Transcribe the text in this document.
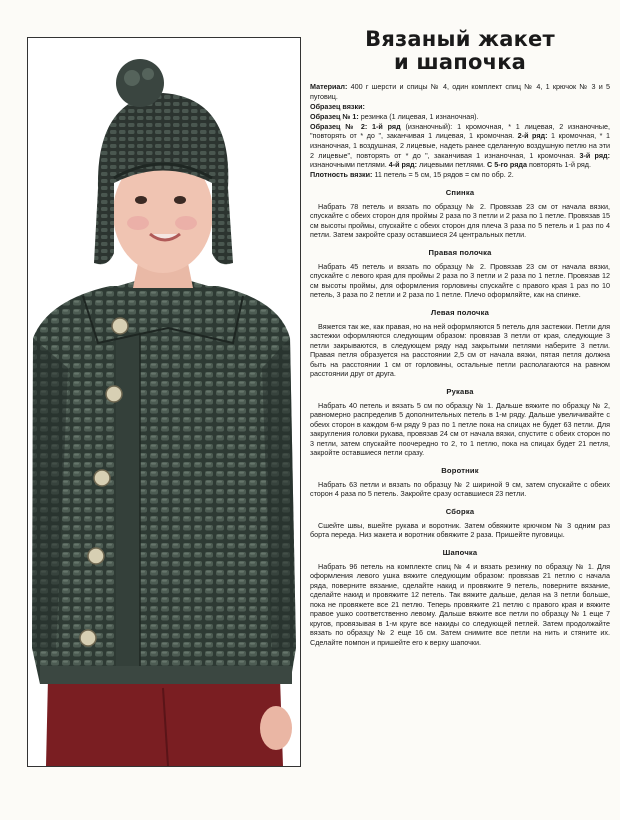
Вязаный жакет
и шапочка

Материал: 400 г шерсти и спицы № 4, один комплект спиц № 4, 1 крючок № 3 и 5 пуговиц.

Образец вязки:

Образец № 1: резинка (1 лицевая, 1 изнаночная).

Образец № 2: 1-й ряд (изнаночный): 1 кромочная, * 1 лицевая, 2 изнаночные, "повторять от * до ", заканчивая 1 лицевая, 1 кромочная. 2-й ряд: 1 кромочная, * 1 изнаночная, 1 воздушная, 2 лицевые, надеть ранее сделанную воздушную петлю на эти 2 лицевые", повторять от * до ", заканчивая 1 изнаночная, 1 кромочная. 3-й ряд: изнаночными петлями. 4-й ряд: лицевыми петлями. С 5-го ряда повторять 1-й ряд.

Плотность вязки: 11 петель = 5 см, 15 рядов = см по обр. 2.

Спинка

Набрать 78 петель и вязать по образцу № 2. Провязав 23 см от начала вязки, спускайте с обеих сторон для проймы 2 раза по 3 петли и 2 раза по 1 петле. Провязав 15 см высоты проймы, спускайте с обеих сторон для плеча 3 раза по 5 петель и 1 раз по 4 петли. Затем закройте сразу оставшиеся 24 центральных петли.

Правая полочка

Набрать 45 петель и вязать по образцу № 2. Провязав 23 см от начала вязки, спускайте с левого края для проймы 2 раза по 3 петли и 2 раза по 1 петле. Провязав 12 см высоты проймы, для оформления горловины спускайте с правого края 1 раз по 10 петель, 3 раза по 2 петли и 2 раза по 1 петле. Плечо оформляйте, как на спинке.

Левая полочка

Вяжется так же, как правая, но на ней оформляются 5 петель для застежки. Петли для застежки оформляются следующим образом: провязав 3 петли от края, следующие 3 петли закрываются, в следующем ряду над закрытыми петлями наберите 3 петли. Правая петля образуется на расстоянии 2,5 см от начала вязки, пятая петля должна быть на расстоянии 1 см от горловины, остальные петли располагаются на равном расстоянии друг от друга.

Рукава

Набрать 40 петель и вязать 5 см по образцу № 1. Дальше вяжите по образцу № 2, равномерно распределив 5 дополнительных петель в 1-м ряду. Дальше увеличивайте с обеих сторон в каждом 6-м ряду 9 раз по 1 петле пока на спицах не будет 63 петли. Для закругления головки рукава, провязав 24 см от начала вязки, спустите с обеих сторон по 3 петли, затем спускайте поочередно то 2, то 1 петлю, пока на спицах будет 21 петля, закройте оставшиеся петли сразу.

Воротник

Набрать 63 петли и вязать по образцу № 2 шириной 9 см, затем спускайте с обеих сторон 4 раза по 5 петель. Закройте сразу оставшиеся 23 петли.

Сборка

Сшейте швы, вшейте рукава и воротник. Затем обвяжите крючком № 3 одним раз борта переда. Низ жакета и воротник обвяжите 2 раза. Пришейте пуговицы.

Шапочка

Набрать 96 петель на комплекте спиц № 4 и вязать резинку по образцу № 1. Для оформления левого ушка вяжите следующим образом: провязав 21 петлю с начала ряда, поверните вязание, сделайте накид и провяжите 9 петель, поверните вязание, сделайте накид и провяжите 12 петель. Так вяжите дальше, делая на 3 петли больше, пока не провяжете все 21 петлю. Теперь провяжите 21 петлю с правого края и вяжите правое ушко соответственно левому. Дальше вяжите все петли по образцу № 1 еще 7 кругов, провязывая в 1-м круге все накиды со следующей петлей. Затем продолжайте вязать по образцу № 2 еще 16 см. Затем снимите все петли на нить и стяните их. Сделайте помпон и пришейте его к верху шапочки.
